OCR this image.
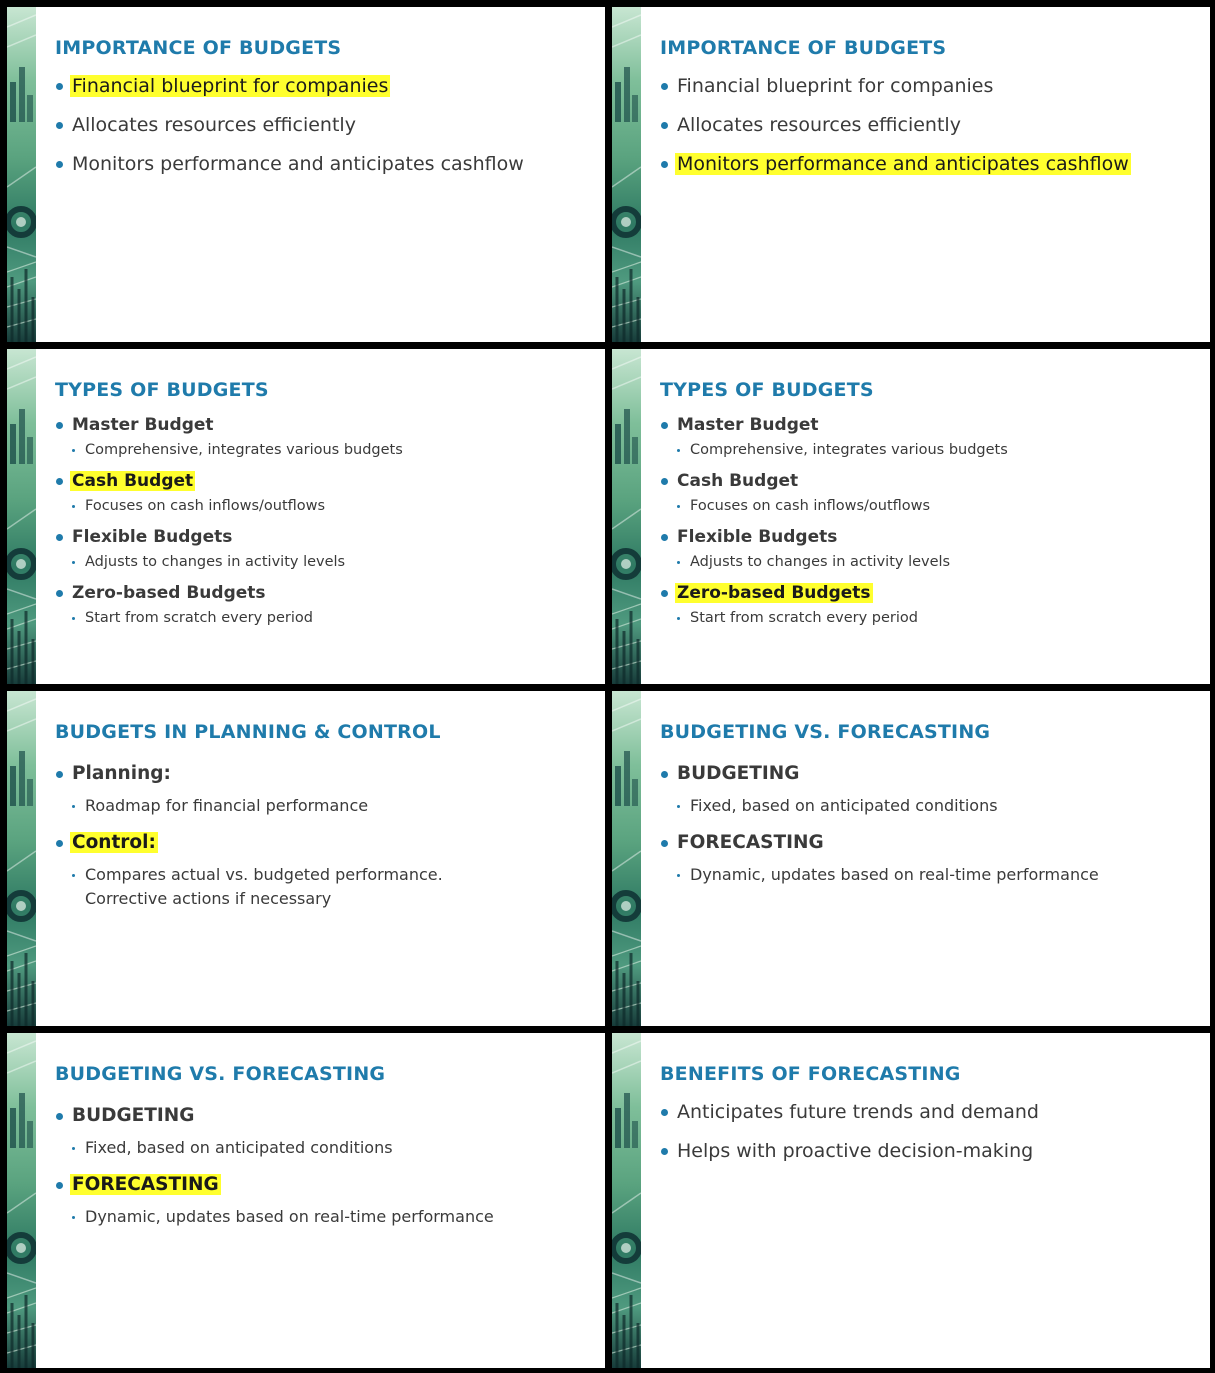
IMPORTANCE OF BUDGETS
Financial blueprint for companies
Allocates resources efficiently
Monitors performance and anticipates cashflow
IMPORTANCE OF BUDGETS
Financial blueprint for companies
Allocates resources efficiently
Monitors performance and anticipates cashflow
TYPES OF BUDGETS
Master Budget
Comprehensive, integrates various budgets
Cash Budget
Focuses on cash inflows/outflows
Flexible Budgets
Adjusts to changes in activity levels
Zero-based Budgets
Start from scratch every period
TYPES OF BUDGETS
Master Budget
Comprehensive, integrates various budgets
Cash Budget
Focuses on cash inflows/outflows
Flexible Budgets
Adjusts to changes in activity levels
Zero-based Budgets
Start from scratch every period
BUDGETS IN PLANNING & CONTROL
Planning:
Roadmap for financial performance
Control:
Compares actual vs. budgeted performance.
Corrective actions if necessary
BUDGETING VS. FORECASTING
BUDGETING
Fixed, based on anticipated conditions
FORECASTING
Dynamic, updates based on real-time performance
BUDGETING VS. FORECASTING
BUDGETING
Fixed, based on anticipated conditions
FORECASTING
Dynamic, updates based on real-time performance
BENEFITS OF FORECASTING
Anticipates future trends and demand
Helps with proactive decision-making
